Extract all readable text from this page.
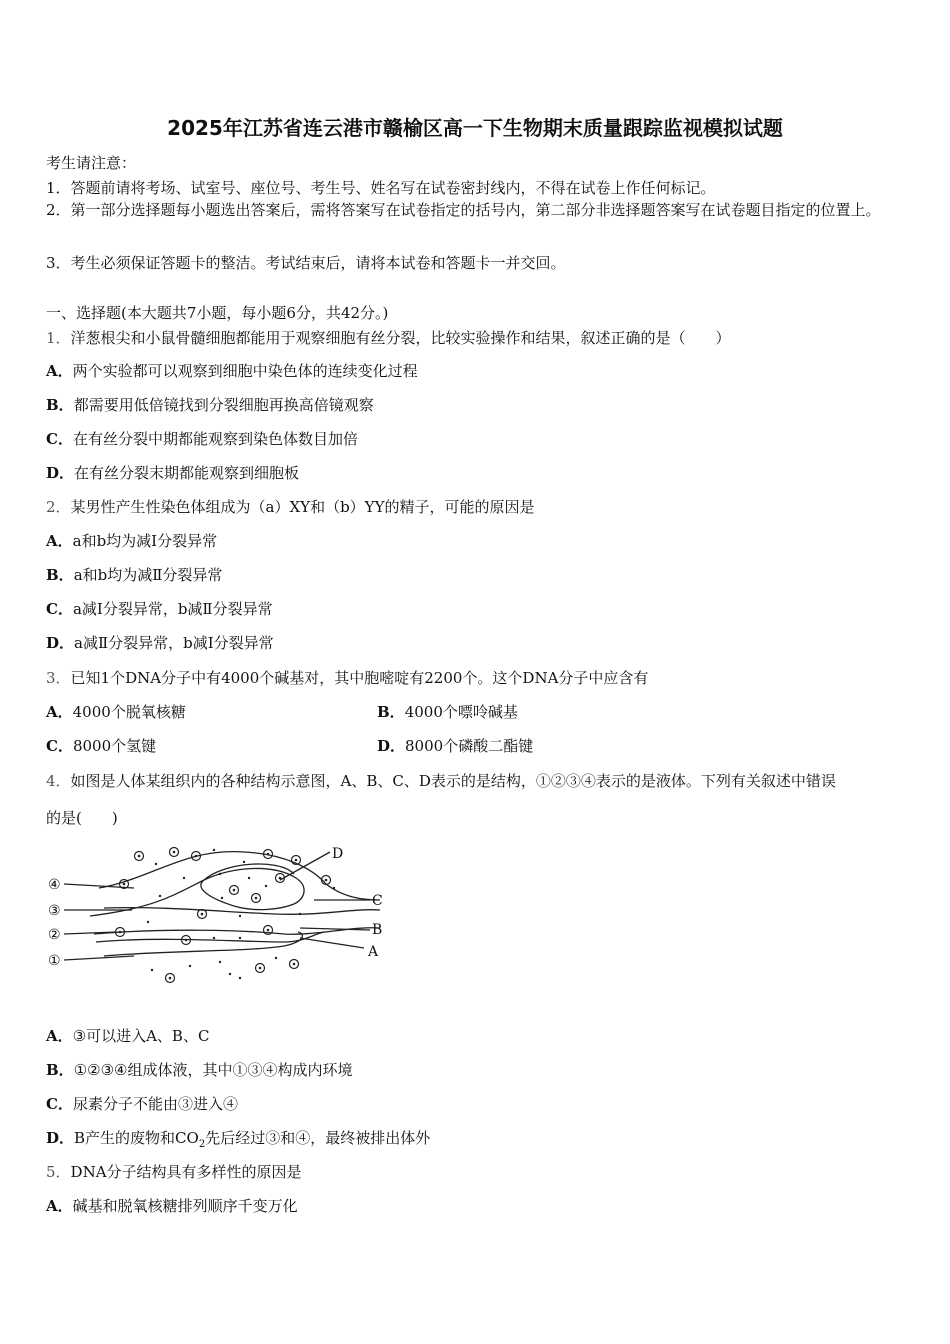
2025年江苏省连云港市赣榆区高一下生物期末质量跟踪监视模拟试题
考生请注意：
1．答题前请将考场、试室号、座位号、考生号、姓名写在试卷密封线内，不得在试卷上作任何标记。
2．第一部分选择题每小题选出答案后，需将答案写在试卷指定的括号内，第二部分非选择题答案写在试卷题目指定的位置上。
3．考生必须保证答题卡的整洁。考试结束后，请将本试卷和答题卡一并交回。
一、选择题(本大题共7小题，每小题6分，共42分。)
1．洋葱根尖和小鼠骨髓细胞都能用于观察细胞有丝分裂，比较实验操作和结果，叙述正确的是（　　）
A．两个实验都可以观察到细胞中染色体的连续变化过程
B．都需要用低倍镜找到分裂细胞再换高倍镜观察
C．在有丝分裂中期都能观察到染色体数目加倍
D．在有丝分裂末期都能观察到细胞板
2．某男性产生性染色体组成为（a）XY和（b）YY的精子，可能的原因是
A．a和b均为减Ⅰ分裂异常
B．a和b均为减Ⅱ分裂异常
C．a减Ⅰ分裂异常，b减Ⅱ分裂异常
D．a减Ⅱ分裂异常，b减Ⅰ分裂异常
3．已知1个DNA分子中有4000个碱基对，其中胞嘧啶有2200个。这个DNA分子中应含有
A．4000个脱氧核糖	B．4000个嘌呤碱基
C．8000个氢键	D．8000个磷酸二酯键
4．如图是人体某组织内的各种结构示意图，A、B、C、D表示的是结构，①②③④表示的是液体。下列有关叙述中错误
的是(　　)
④
③
②
①
D
C
B
A
A．③可以进入A、B、C
B．①②③④组成体液，其中①③④构成内环境
C．尿素分子不能由③进入④
D．B产生的废物和$CO_2$先后经过③和④，最终被排出体外
5．DNA分子结构具有多样性的原因是
A．碱基和脱氧核糖排列顺序千变万化
